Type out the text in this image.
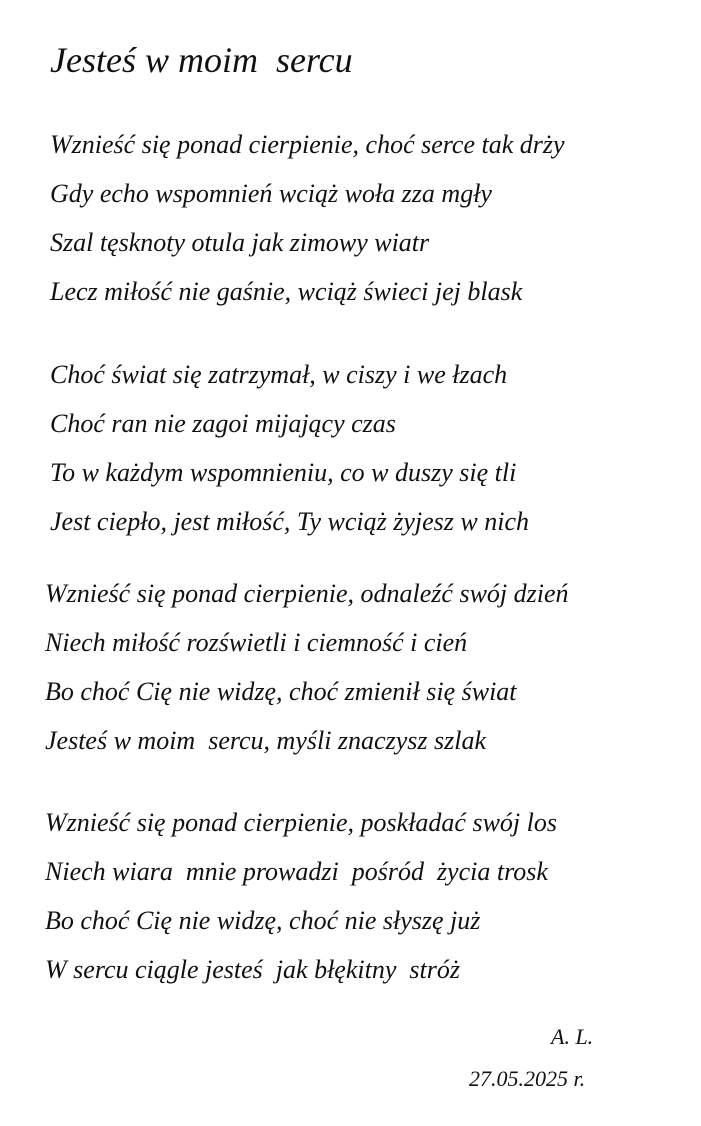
Jesteś w moim  sercu
Wznieść się ponad cierpienie, choć serce tak drży
Gdy echo wspomnień wciąż woła zza mgły
Szal tęsknoty otula jak zimowy wiatr
Lecz miłość nie gaśnie, wciąż świeci jej blask
Choć świat się zatrzymał, w ciszy i we łzach
Choć ran nie zagoi mijający czas
To w każdym wspomnieniu, co w duszy się tli
Jest ciepło, jest miłość, Ty wciąż żyjesz w nich
Wznieść się ponad cierpienie, odnaleźć swój dzień
Niech miłość rozświetli i ciemność i cień
Bo choć Cię nie widzę, choć zmienił się świat
Jesteś w moim  sercu, myśli znaczysz szlak
Wznieść się ponad cierpienie, poskładać swój los
Niech wiara  mnie prowadzi  pośród  życia trosk
Bo choć Cię nie widzę, choć nie słyszę już
W sercu ciągle jesteś  jak błękitny  stróż
A. L.
27.05.2025 r.
